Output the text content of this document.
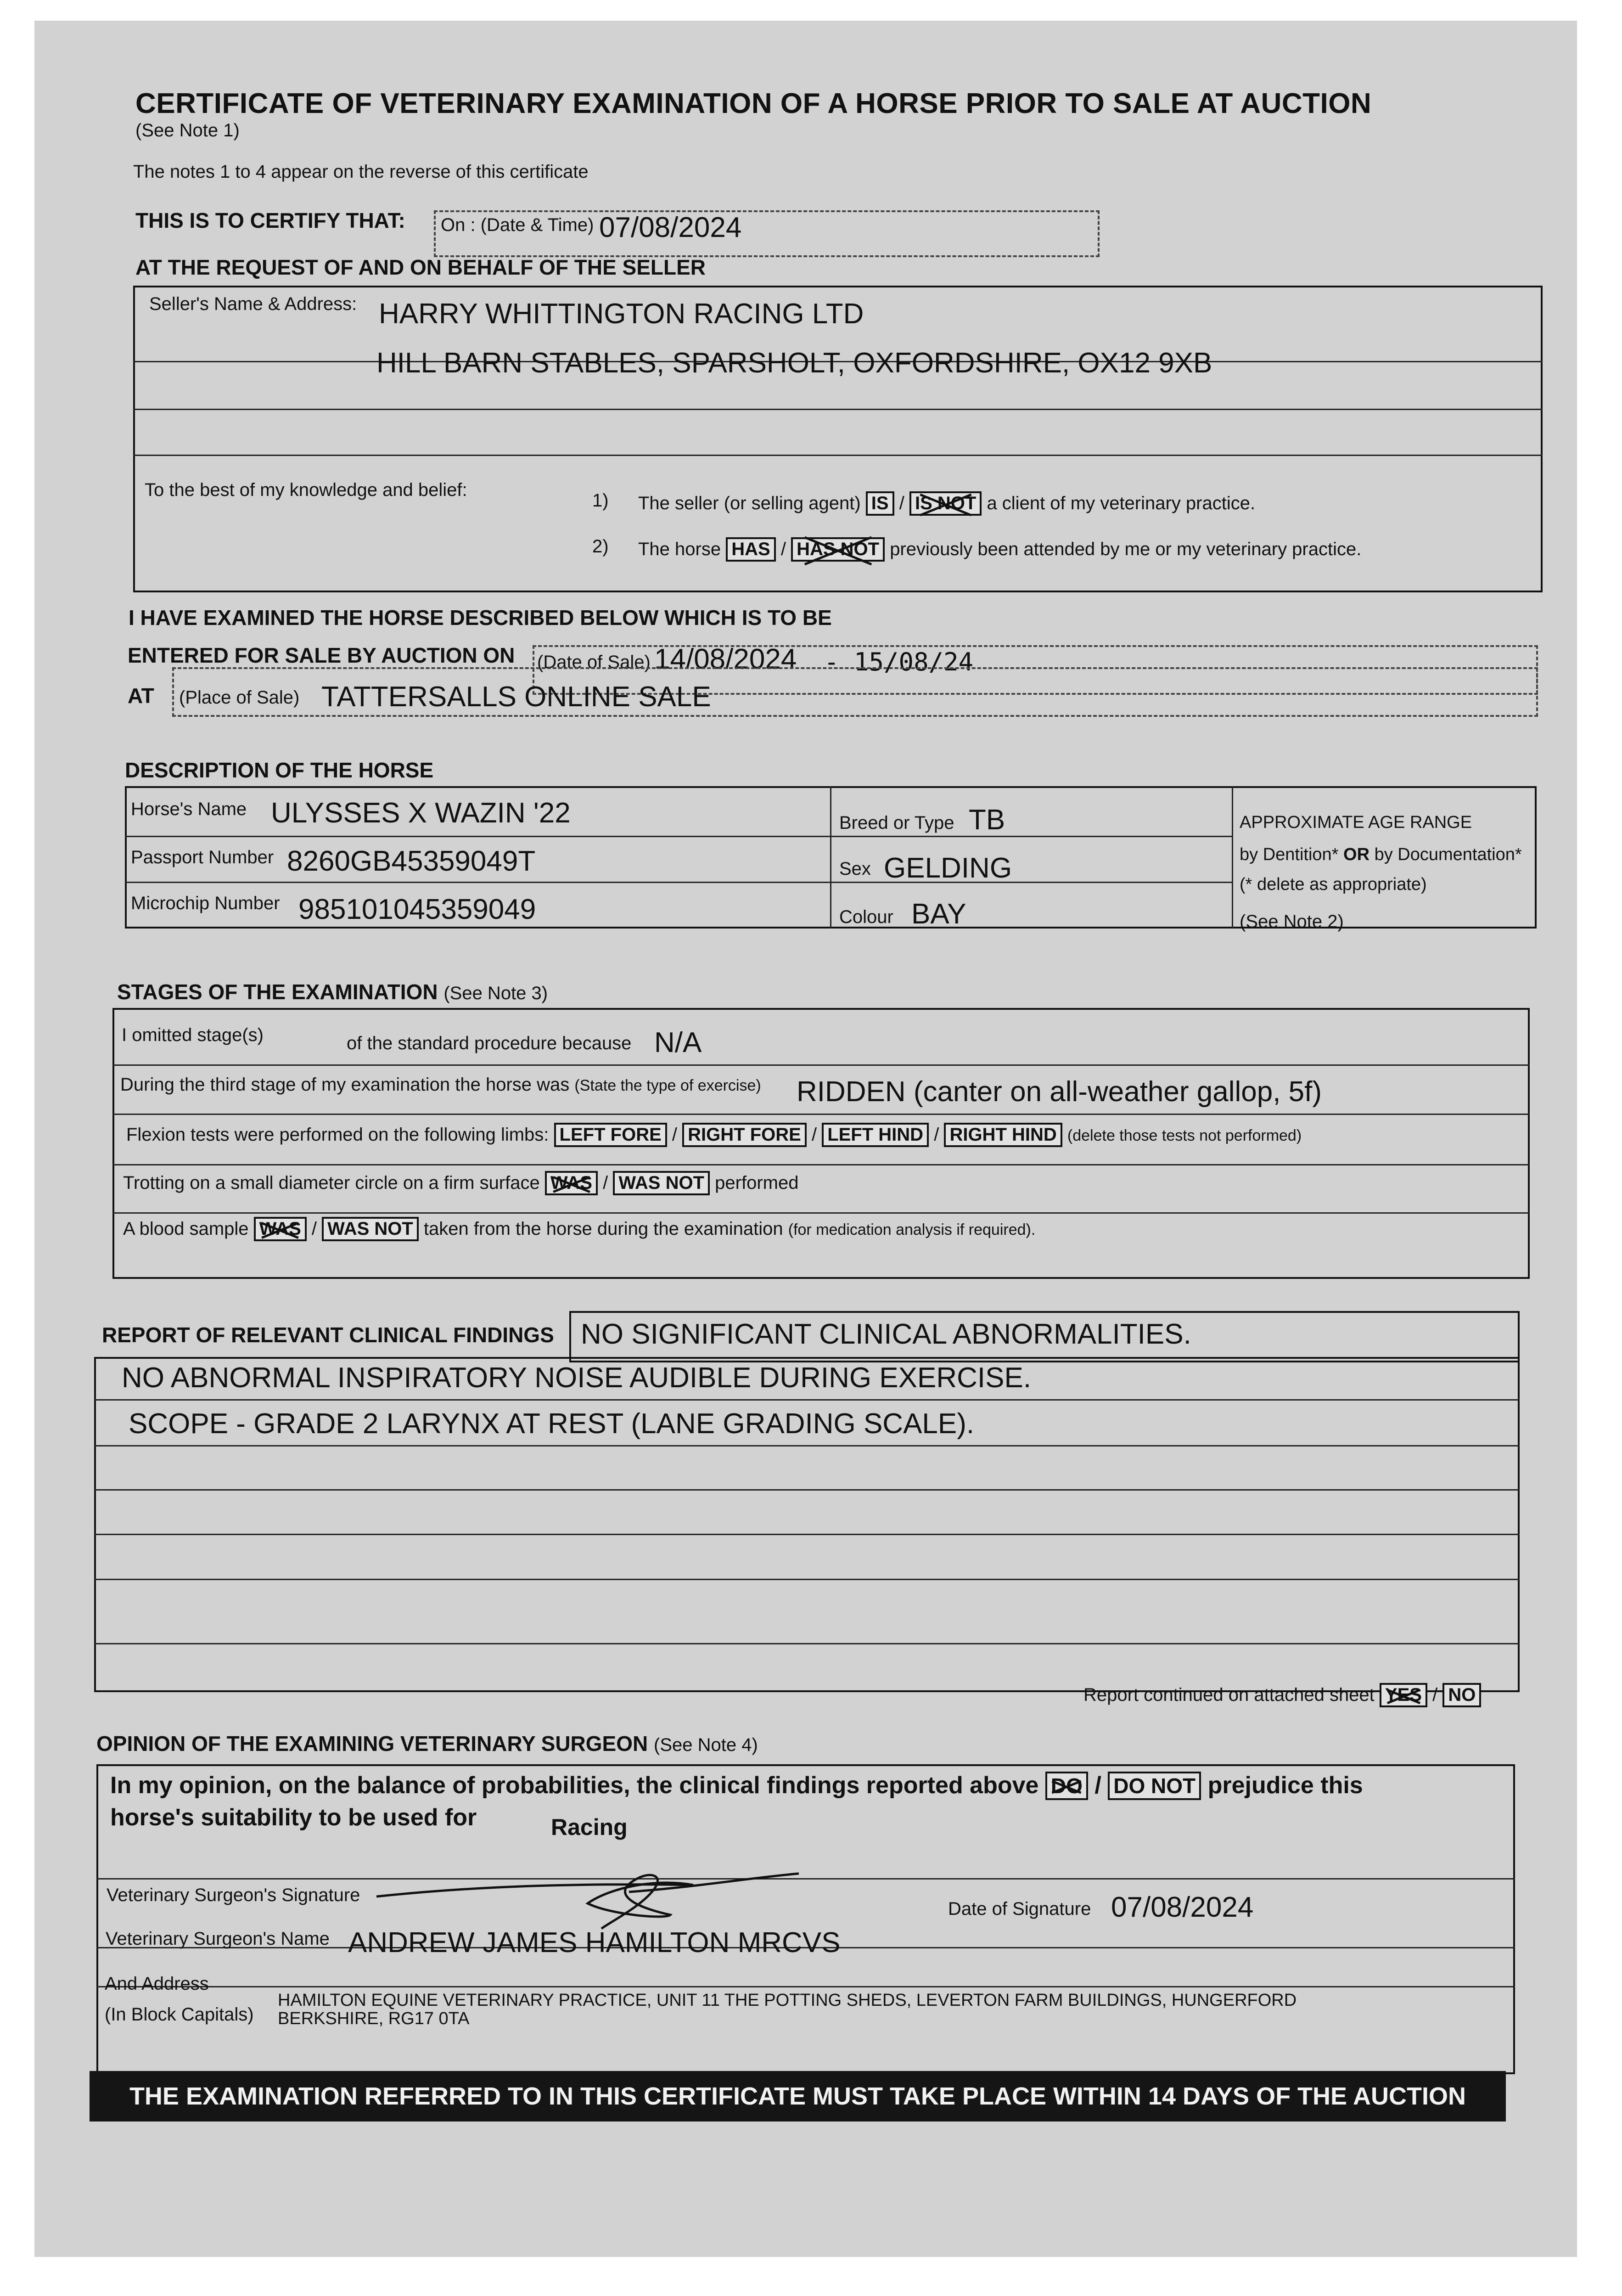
CERTIFICATE OF VETERINARY EXAMINATION OF A HORSE PRIOR TO SALE AT AUCTION
(See Note 1)
The notes 1 to 4 appear on the reverse of this certificate
THIS IS TO CERTIFY THAT: On : (Date & Time) 07/08/2024
AT THE REQUEST OF AND ON BEHALF OF THE SELLER
Seller's Name & Address: HARRY WHITTINGTON RACING LTD
HILL BARN STABLES, SPARSHOLT, OXFORDSHIRE, OX12 9XB
To the best of my knowledge and belief:
1) The seller (or selling agent) IS / IS NOT a client of my veterinary practice.
2) The horse HAS / HAS NOT previously been attended by me or my veterinary practice.
I HAVE EXAMINED THE HORSE DESCRIBED BELOW WHICH IS TO BE
ENTERED FOR SALE BY AUCTION ON (Date of Sale) 14/08/2024 - 15/08/24
AT (Place of Sale) TATTERSALLS ONLINE SALE
DESCRIPTION OF THE HORSE
Horse's Name ULYSSES X WAZIN '22
Passport Number 8260GB45359049T
Microchip Number 985101045359049
Breed or Type TB
Sex GELDING
Colour BAY
APPROXIMATE AGE RANGE
by Dentition* OR by Documentation*
(* delete as appropriate)
(See Note 2)
STAGES OF THE EXAMINATION (See Note 3)
I omitted stage(s)	of the standard procedure because N/A
During the third stage of my examination the horse was (State the type of exercise) RIDDEN (canter on all-weather gallop, 5f)
Flexion tests were performed on the following limbs: LEFT FORE / RIGHT FORE / LEFT HIND / RIGHT HIND (delete those tests not performed)
Trotting on a small diameter circle on a firm surface WAS / WAS NOT performed
A blood sample WAS / WAS NOT taken from the horse during the examination (for medication analysis if required).
REPORT OF RELEVANT CLINICAL FINDINGS NO SIGNIFICANT CLINICAL ABNORMALITIES.
NO ABNORMAL INSPIRATORY NOISE AUDIBLE DURING EXERCISE.
SCOPE - GRADE 2 LARYNX AT REST (LANE GRADING SCALE).
Report continued on attached sheet YES / NO
OPINION OF THE EXAMINING VETERINARY SURGEON (See Note 4)
In my opinion, on the balance of probabilities, the clinical findings reported above DO / DO NOT prejudice this
horse's suitability to be used for	Racing
Veterinary Surgeon's Signature
Date of Signature 07/08/2024
Veterinary Surgeon's Name ANDREW JAMES HAMILTON MRCVS
And Address
(In Block Capitals)
HAMILTON EQUINE VETERINARY PRACTICE, UNIT 11 THE POTTING SHEDS, LEVERTON FARM BUILDINGS, HUNGERFORD
BERKSHIRE, RG17 0TA
THE EXAMINATION REFERRED TO IN THIS CERTIFICATE MUST TAKE PLACE WITHIN 14 DAYS OF THE AUCTION
